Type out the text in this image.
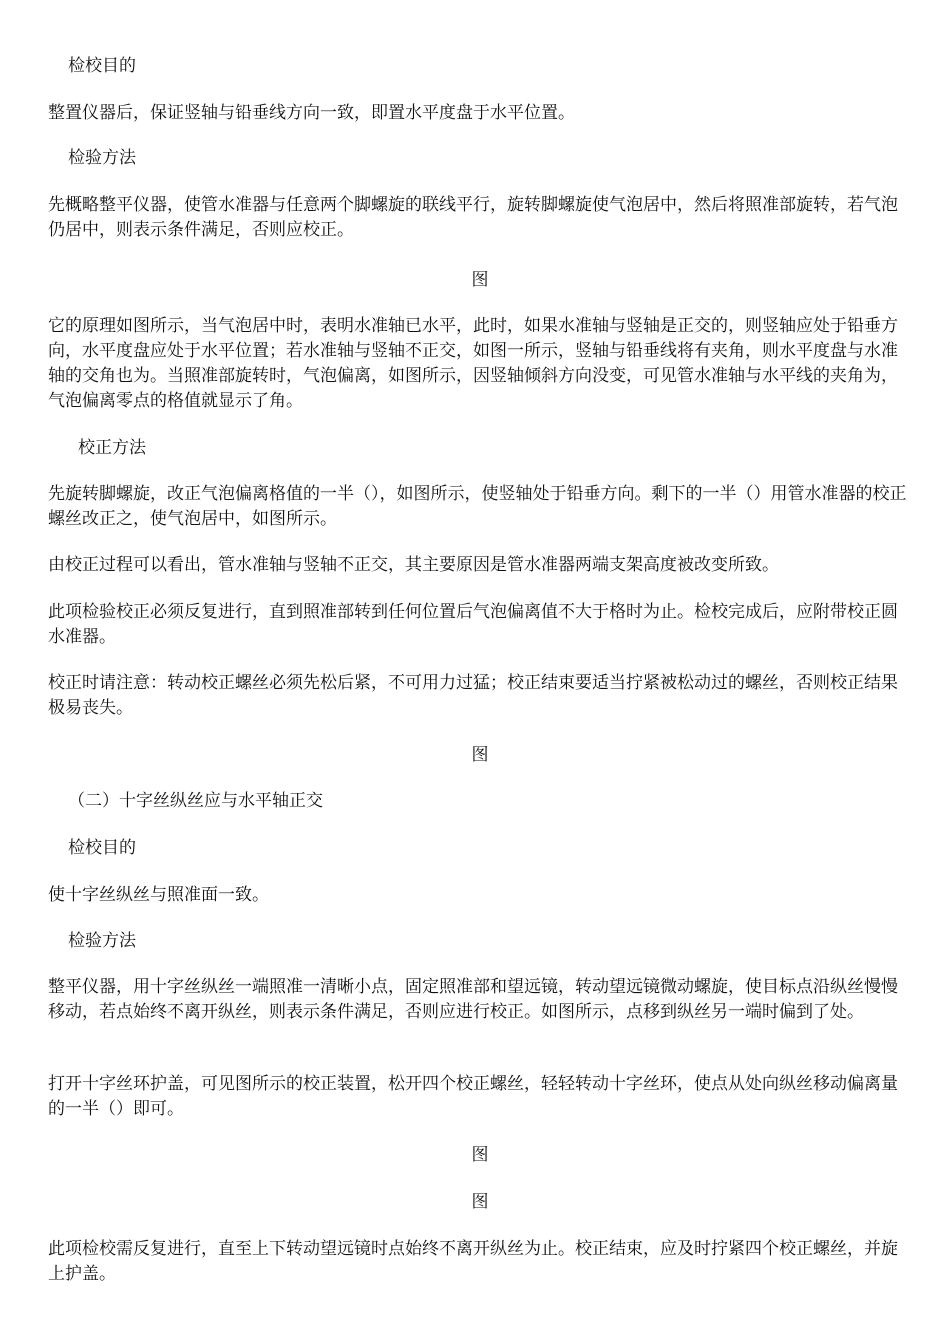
检校目的

整置仪器后，保证竖轴与铅垂线方向一致，即置水平度盘于水平位置。

检验方法

先概略整平仪器，使管水准器与任意两个脚螺旋的联线平行，旋转脚螺旋使气泡居中，然后将照准部旋转，若气泡仍居中，则表示条件满足，否则应校正。

图

它的原理如图所示，当气泡居中时，表明水准轴已水平，此时，如果水准轴与竖轴是正交的，则竖轴应处于铅垂方向，水平度盘应处于水平位置；若水准轴与竖轴不正交，如图一所示，竖轴与铅垂线将有夹角，则水平度盘与水准轴的交角也为。当照准部旋转时，气泡偏离，如图所示，因竖轴倾斜方向没变，可见管水准轴与水平线的夹角为，气泡偏离零点的格值就显示了角。

校正方法

先旋转脚螺旋，改正气泡偏离格值的一半（），如图所示，使竖轴处于铅垂方向。剩下的一半（）用管水准器的校正螺丝改正之，使气泡居中，如图所示。

由校正过程可以看出，管水准轴与竖轴不正交，其主要原因是管水准器两端支架高度被改变所致。

此项检验校正必须反复进行，直到照准部转到任何位置后气泡偏离值不大于格时为止。检校完成后，应附带校正圆水准器。

校正时请注意：转动校正螺丝必须先松后紧，不可用力过猛；校正结束要适当拧紧被松动过的螺丝，否则校正结果极易丧失。

图

（二）十字丝纵丝应与水平轴正交

检校目的

使十字丝纵丝与照准面一致。

检验方法

整平仪器，用十字丝纵丝一端照准一清晰小点，固定照准部和望远镜，转动望远镜微动螺旋，使目标点沿纵丝慢慢移动，若点始终不离开纵丝，则表示条件满足，否则应进行校正。如图所示，点移到纵丝另一端时偏到了处。

打开十字丝环护盖，可见图所示的校正装置，松开四个校正螺丝，轻轻转动十字丝环，使点从处向纵丝移动偏离量的一半（）即可。

图

图

此项检校需反复进行，直至上下转动望远镜时点始终不离开纵丝为止。校正结束，应及时拧紧四个校正螺丝，并旋上护盖。
